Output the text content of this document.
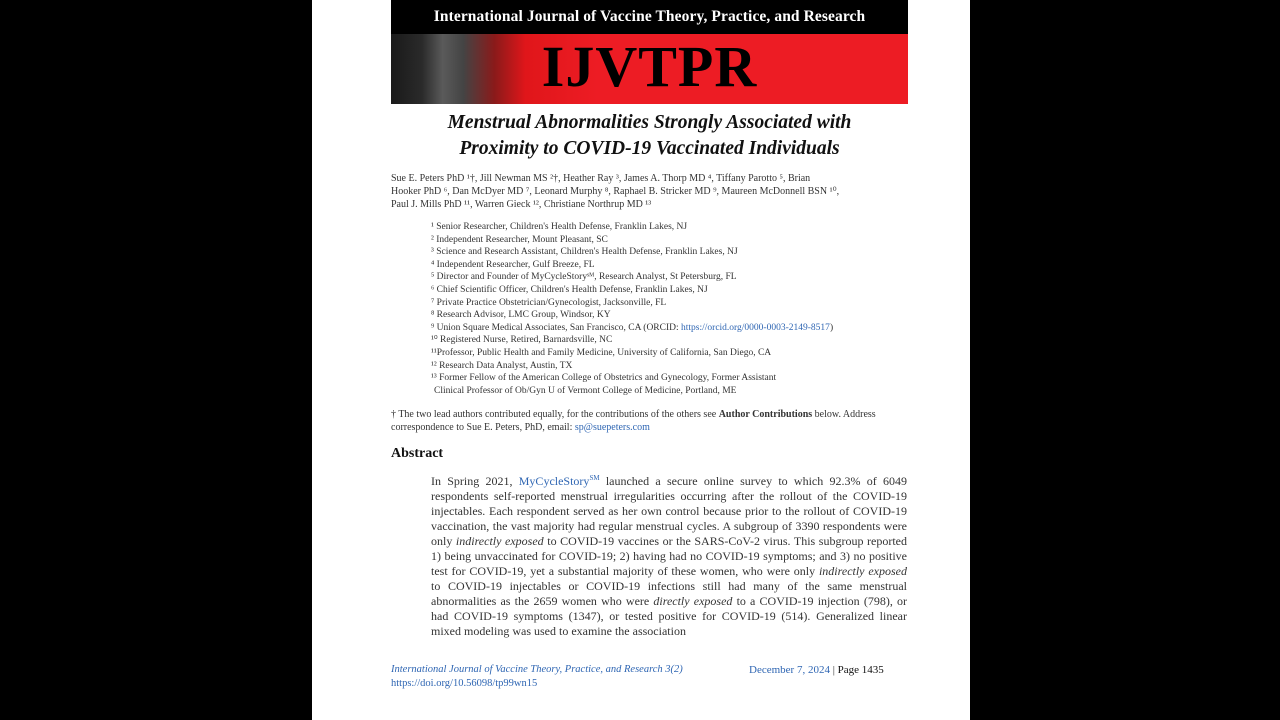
International Journal of Vaccine Theory, Practice, and Research
IJVTPR
Menstrual Abnormalities Strongly Associated with
Proximity to COVID-19 Vaccinated Individuals
Sue E. Peters PhD ¹†, Jill Newman MS ²†, Heather Ray ³, James A. Thorp MD ⁴, Tiffany Parotto ⁵, Brian
Hooker PhD ⁶, Dan McDyer MD ⁷, Leonard Murphy ⁸, Raphael B. Stricker MD ⁹, Maureen McDonnell BSN ¹⁰,
Paul J. Mills PhD ¹¹, Warren Gieck ¹², Christiane Northrup MD ¹³
¹ Senior Researcher, Children's Health Defense, Franklin Lakes, NJ
² Independent Researcher, Mount Pleasant, SC
³ Science and Research Assistant, Children's Health Defense, Franklin Lakes, NJ
⁴ Independent Researcher, Gulf Breeze, FL
⁵ Director and Founder of MyCycleStoryˢᴹ, Research Analyst, St Petersburg, FL
⁶ Chief Scientific Officer, Children's Health Defense, Franklin Lakes, NJ
⁷ Private Practice Obstetrician/Gynecologist, Jacksonville, FL
⁸ Research Advisor, LMC Group, Windsor, KY
⁹ Union Square Medical Associates, San Francisco, CA (ORCID: https://orcid.org/0000-0003-2149-8517)
¹⁰ Registered Nurse, Retired, Barnardsville, NC
¹¹Professor, Public Health and Family Medicine, University of California, San Diego, CA
¹² Research Data Analyst, Austin, TX
¹³ Former Fellow of the American College of Obstetrics and Gynecology, Former Assistant
Clinical Professor of Ob/Gyn U of Vermont College of Medicine, Portland, ME
† The two lead authors contributed equally, for the contributions of the others see Author Contributions below. Address correspondence to Sue E. Peters, PhD, email: sp@suepeters.com
Abstract
In Spring 2021, MyCycleStory℠ launched a secure online survey to which 92.3% of 6049 respondents self-reported menstrual irregularities occurring after the rollout of the COVID-19 injectables. Each respondent served as her own control because prior to the rollout of COVID-19 vaccination, the vast majority had regular menstrual cycles. A subgroup of 3390 respondents were only indirectly exposed to COVID-19 vaccines or the SARS-CoV-2 virus. This subgroup reported 1) being unvaccinated for COVID-19; 2) having had no COVID-19 symptoms; and 3) no positive test for COVID-19, yet a substantial majority of these women, who were only indirectly exposed to COVID-19 injectables or COVID-19 infections still had many of the same menstrual abnormalities as the 2659 women who were directly exposed to a COVID-19 injection (798), or had COVID-19 symptoms (1347), or tested positive for COVID-19 (514). Generalized linear mixed modeling was used to examine the association
International Journal of Vaccine Theory, Practice, and Research 3(2)
https://doi.org/10.56098/tp99wn15
December 7, 2024 | Page 1435
